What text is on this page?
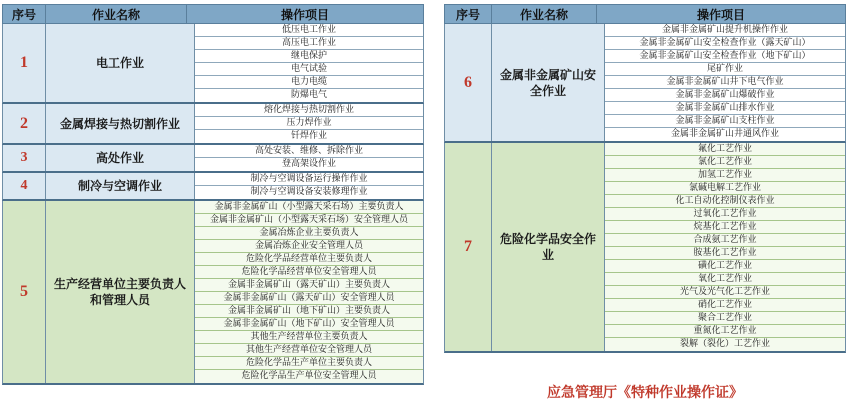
序号	作业名称	操作项目
1	电工作业
低压电工作业
高压电工作业
继电保护
电气试验
电力电缆
防爆电气
2	金属焊接与热切割作业
熔化焊接与热切割作业
压力焊作业
钎焊作业
3	高处作业	高处安装、维修、拆除作业
登高架设作业
4	制冷与空调作业	制冷与空调设备运行操作作业
制冷与空调设备安装修理作业
5	生产经营单位主要负责人和管理人员
金属非金属矿山（小型露天采石场）主要负责人
金属非金属矿山（小型露天采石场）安全管理人员
金属冶炼企业主要负责人
金属冶炼企业安全管理人员
危险化学品经营单位主要负责人
危险化学品经营单位安全管理人员
金属非金属矿山（露天矿山）主要负责人
金属非金属矿山（露天矿山）安全管理人员
金属非金属矿山（地下矿山）主要负责人
金属非金属矿山（地下矿山）安全管理人员
其他生产经营单位主要负责人
其他生产经营单位安全管理人员
危险化学品生产单位主要负责人
危险化学品生产单位安全管理人员
序号	作业名称	操作项目
6	金属非金属矿山安全作业
金属非金属矿山提升机操作作业
金属非金属矿山安全检查作业（露天矿山）
金属非金属矿山安全检查作业（地下矿山）
尾矿作业
金属非金属矿山井下电气作业
金属非金属矿山爆破作业
金属非金属矿山排水作业
金属非金属矿山支柱作业
金属非金属矿山井通风作业
7	危险化学品安全作业
氟化工艺作业
氯化工艺作业
加氢工艺作业
氯碱电解工艺作业
化工自动化控制仪表作业
过氧化工艺作业
烷基化工艺作业
合成氨工艺作业
胺基化工艺作业
磺化工艺作业
氧化工艺作业
光气及光气化工艺作业
硝化工艺作业
聚合工艺作业
重氮化工艺作业
裂解（裂化）工艺作业
应急管理厅《特种作业操作证》
